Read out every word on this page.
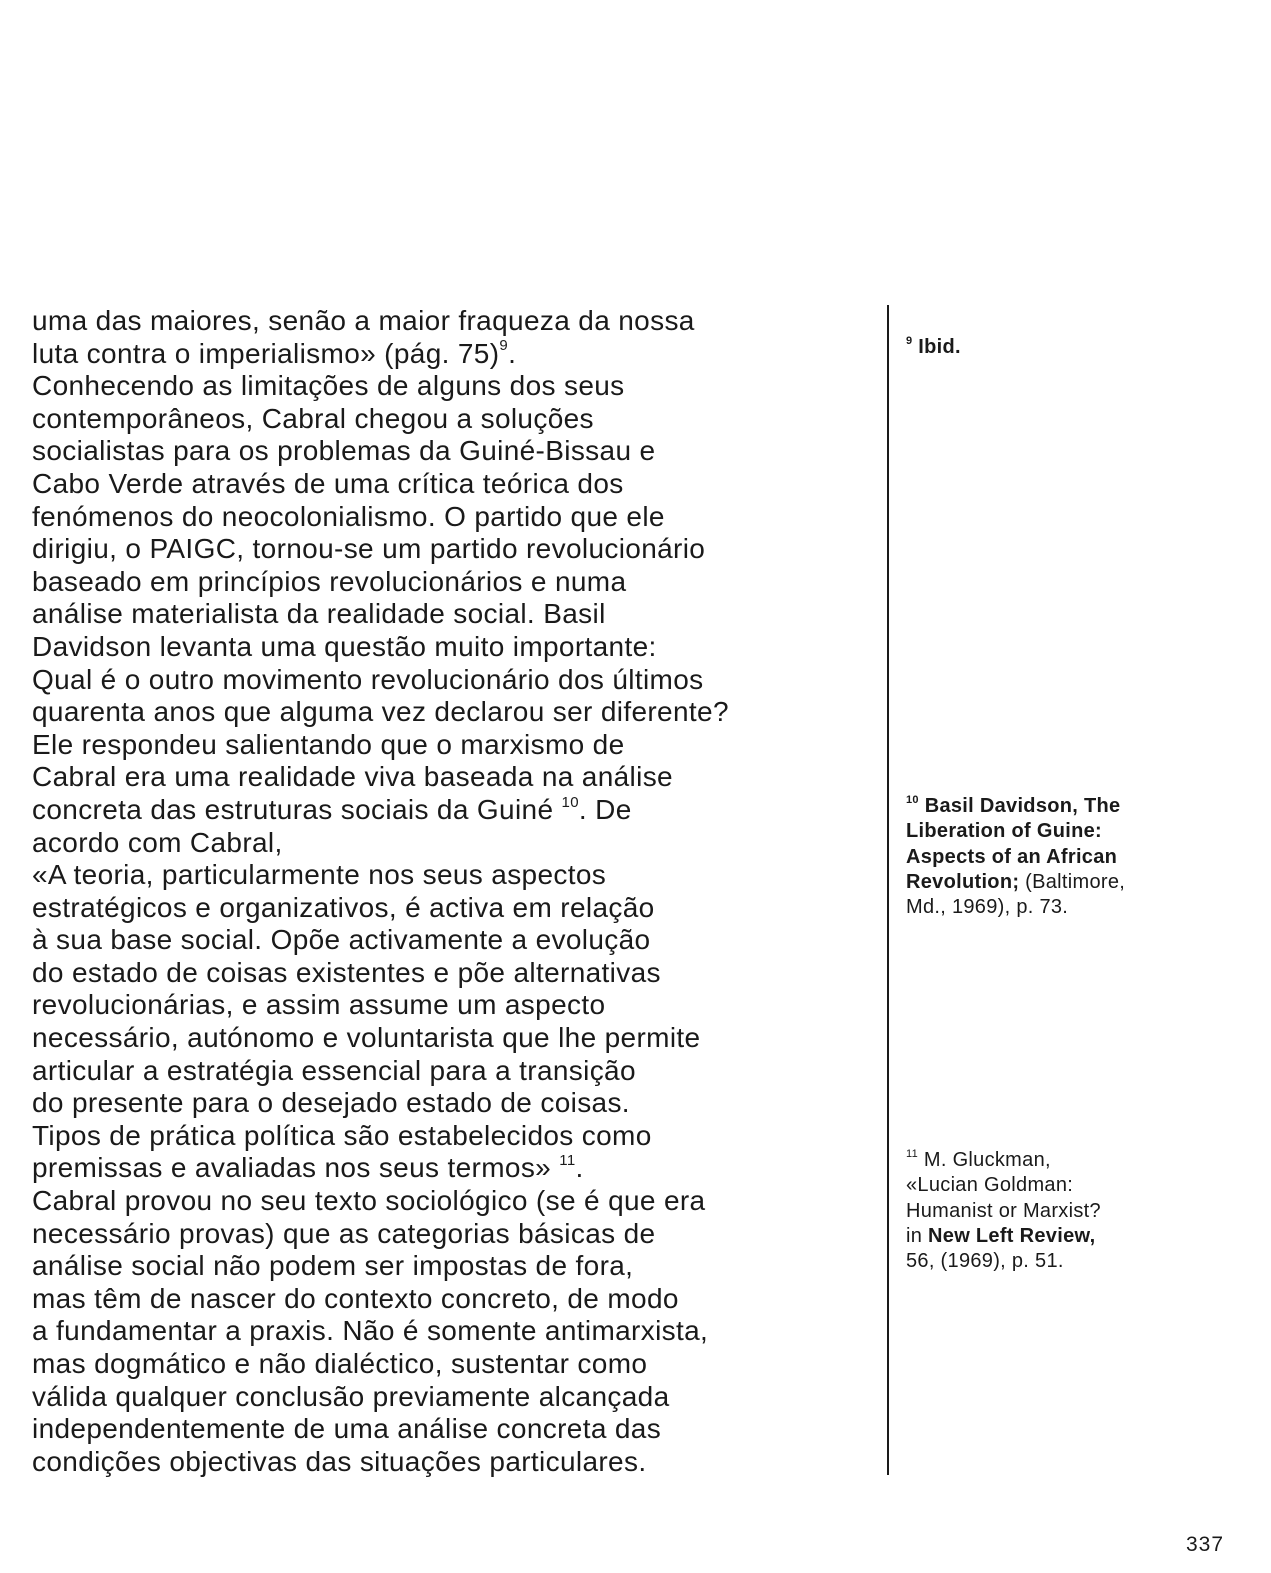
uma das maiores, senão a maior fraqueza da nossa
luta contra o imperialismo» (pág. 75)$^9$.
Conhecendo as limitações de alguns dos seus
contemporâneos, Cabral chegou a soluções
socialistas para os problemas da Guiné-Bissau e
Cabo Verde através de uma crítica teórica dos
fenómenos do neocolonialismo. O partido que ele
dirigiu, o PAIGC, tornou-se um partido revolucionário
baseado em princípios revolucionários e numa
análise materialista da realidade social. Basil
Davidson levanta uma questão muito importante:
Qual é o outro movimento revolucionário dos últimos
quarenta anos que alguma vez declarou ser diferente?
Ele respondeu salientando que o marxismo de
Cabral era uma realidade viva baseada na análise
concreta das estruturas sociais da Guiné $^{10}$. De
acordo com Cabral,
«A teoria, particularmente nos seus aspectos
estratégicos e organizativos, é activa em relação
à sua base social. Opõe activamente a evolução
do estado de coisas existentes e põe alternativas
revolucionárias, e assim assume um aspecto
necessário, autónomo e voluntarista que lhe permite
articular a estratégia essencial para a transição
do presente para o desejado estado de coisas.
Tipos de prática política são estabelecidos como
premissas e avaliadas nos seus termos» $^{11}$.
Cabral provou no seu texto sociológico (se é que era
necessário provas) que as categorias básicas de
análise social não podem ser impostas de fora,
mas têm de nascer do contexto concreto, de modo
a fundamentar a praxis. Não é somente antimarxista,
mas dogmático e não dialéctico, sustentar como
válida qualquer conclusão previamente alcançada
independentemente de uma análise concreta das
condições objectivas das situações particulares.
$^9$ Ibid.
$^{10}$ Basil Davidson, The
Liberation of Guine:
Aspects of an African
Revolution; (Baltimore,
Md., 1969), p. 73.
$^{11}$ M. Gluckman,
«Lucian Goldman:
Humanist or Marxist?
in New Left Review,
56, (1969), p. 51.
337
